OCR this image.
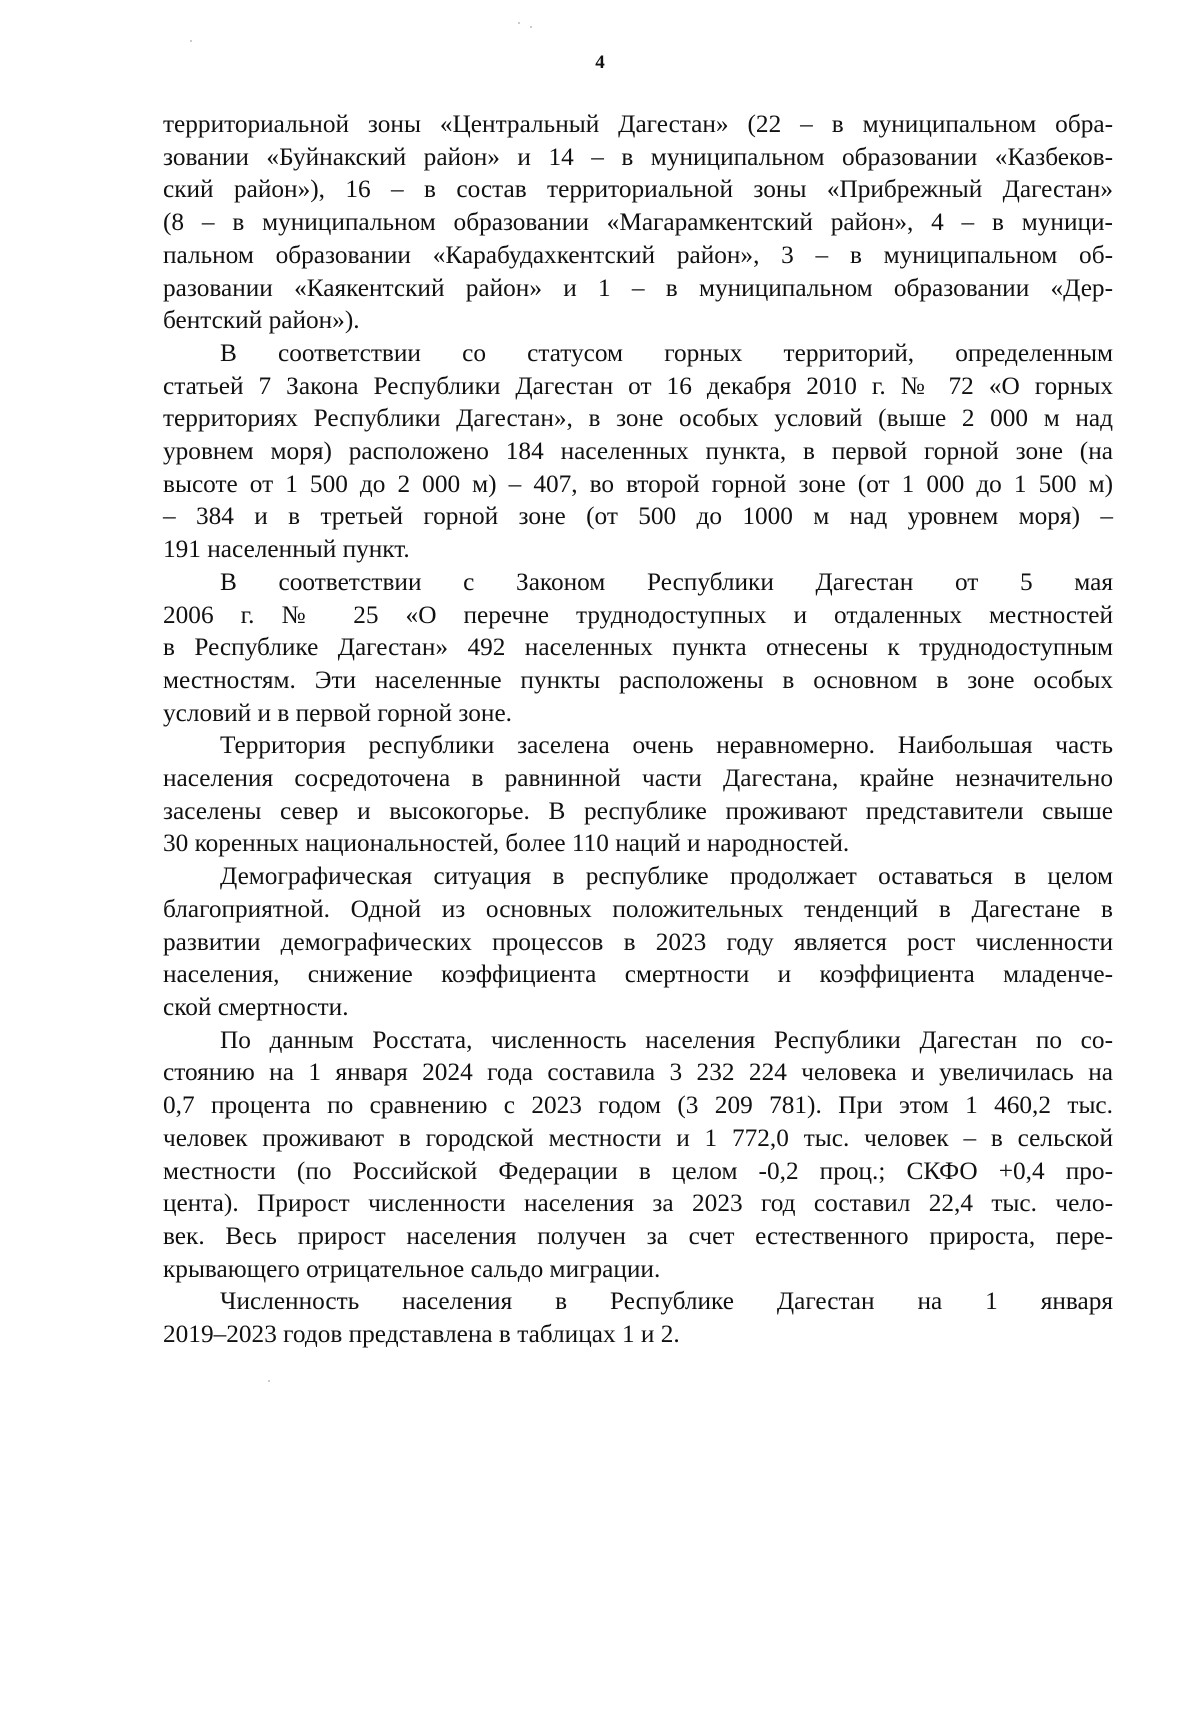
4
территориальной зоны «Центральный Дагестан» (22 – в муниципальном обра-
зовании «Буйнакский район» и 14 – в муниципальном образовании «Казбеков-
ский район»), 16 – в состав территориальной зоны «Прибрежный Дагестан»
(8 – в муниципальном образовании «Магарамкентский район», 4 – в муници-
пальном образовании «Карабудахкентский район», 3 – в муниципальном об-
разовании «Каякентский район» и 1 – в муниципальном образовании «Дер-
бентский район»).
В соответствии со статусом горных территорий, определенным
статьей 7 Закона Республики Дагестан от 16 декабря 2010 г. № 72 «О горных
территориях Республики Дагестан», в зоне особых условий (выше 2 000 м над
уровнем моря) расположено 184 населенных пункта, в первой горной зоне (на
высоте от 1 500 до 2 000 м) – 407, во второй горной зоне (от 1 000 до 1 500 м)
– 384 и в третьей горной зоне (от 500 до 1000 м над уровнем моря) –
191 населенный пункт.
В соответствии с Законом Республики Дагестан от 5 мая
2006 г. № 25 «О перечне труднодоступных и отдаленных местностей
в Республике Дагестан» 492 населенных пункта отнесены к труднодоступным
местностям. Эти населенные пункты расположены в основном в зоне особых
условий и в первой горной зоне.
Территория республики заселена очень неравномерно. Наибольшая часть
населения сосредоточена в равнинной части Дагестана, крайне незначительно
заселены север и высокогорье. В республике проживают представители свыше
30 коренных национальностей, более 110 наций и народностей.
Демографическая ситуация в республике продолжает оставаться в целом
благоприятной. Одной из основных положительных тенденций в Дагестане в
развитии демографических процессов в 2023 году является рост численности
населения, снижение коэффициента смертности и коэффициента младенче-
ской смертности.
По данным Росстата, численность населения Республики Дагестан по со-
стоянию на 1 января 2024 года составила 3 232 224 человека и увеличилась на
0,7 процента по сравнению с 2023 годом (3 209 781). При этом 1 460,2 тыс.
человек проживают в городской местности и 1 772,0 тыс. человек – в сельской
местности (по Российской Федерации в целом -0,2 проц.; СКФО +0,4 про-
цента). Прирост численности населения за 2023 год составил 22,4 тыс. чело-
век. Весь прирост населения получен за счет естественного прироста, пере-
крывающего отрицательное сальдо миграции.
Численность населения в Республике Дагестан на 1 января
2019–2023 годов представлена в таблицах 1 и 2.
